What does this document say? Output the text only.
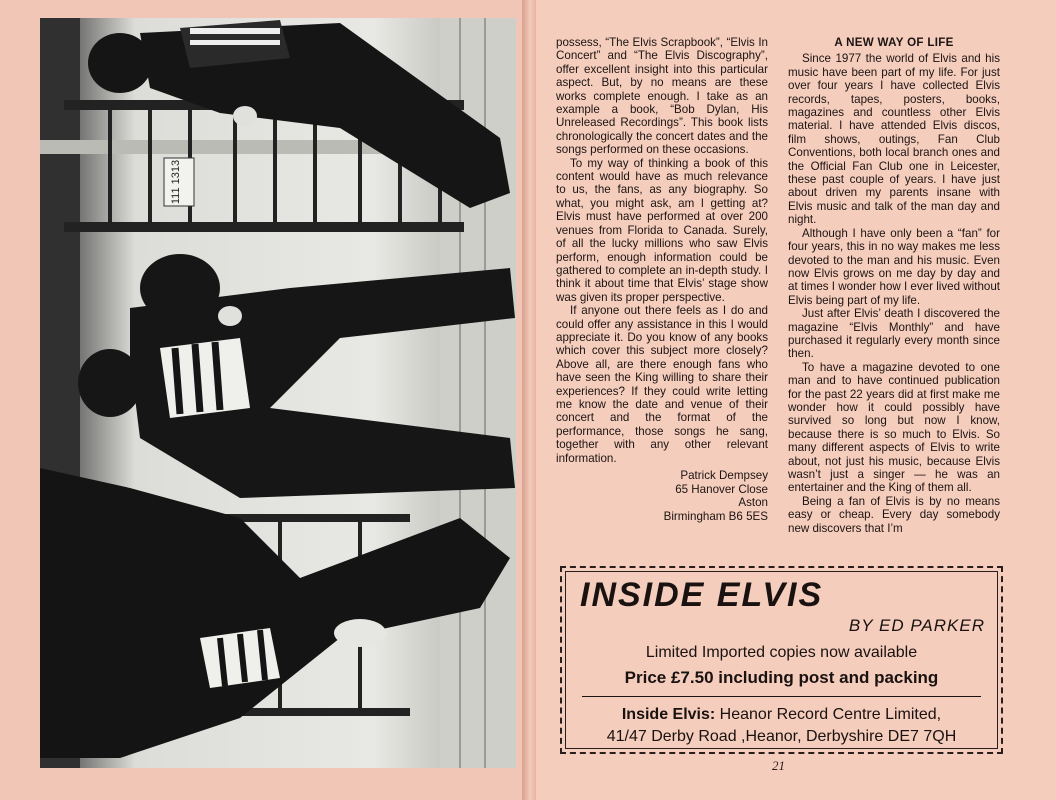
111 1313

possess, “The Elvis Scrapbook”, “Elvis In Concert” and “The Elvis Discography”, offer excellent insight into this particular aspect. But, by no means are these works complete enough. I take as an example a book, “Bob Dylan, His Unreleased Recordings”. This book lists chronologically the concert dates and the songs performed on these occasions.

To my way of thinking a book of this content would have as much relevance to us, the fans, as any biography. So what, you might ask, am I getting at? Elvis must have performed at over 200 venues from Florida to Canada. Surely, of all the lucky millions who saw Elvis perform, enough information could be gathered to complete an in-depth study. I think it about time that Elvis’ stage show was given its proper perspective.

If anyone out there feels as I do and could offer any assistance in this I would appreciate it. Do you know of any books which cover this subject more closely? Above all, are there enough fans who have seen the King willing to share their experiences? If they could write letting me know the date and venue of their concert and the format of the performance, those songs he sang, together with any other relevant information.

Patrick Dempsey
65 Hanover Close
Aston
Birmingham B6 5ES
A NEW WAY OF LIFE

Since 1977 the world of Elvis and his music have been part of my life. For just over four years I have collected Elvis records, tapes, posters, books, magazines and countless other Elvis material. I have attended Elvis discos, film shows, outings, Fan Club Conventions, both local branch ones and the Official Fan Club one in Leicester, these past couple of years. I have just about driven my parents insane with Elvis music and talk of the man day and night.

Although I have only been a “fan” for four years, this in no way makes me less devoted to the man and his music. Even now Elvis grows on me day by day and at times I wonder how I ever lived without Elvis being part of my life.

Just after Elvis’ death I discovered the magazine “Elvis Monthly” and have purchased it regularly every month since then.

To have a magazine devoted to one man and to have continued publication for the past 22 years did at first make me wonder how it could possibly have survived so long but now I know, because there is so much to Elvis. So many different aspects of Elvis to write about, not just his music, because Elvis wasn’t just a singer — he was an entertainer and the King of them all.

Being a fan of Elvis is by no means easy or cheap. Every day somebody new discovers that I’m

INSIDE ELVIS
BY ED PARKER
Limited Imported copies now available
Price £7.50 including post and packing
Inside Elvis: Heanor Record Centre Limited,
41/47 Derby Road ,Heanor, Derbyshire DE7 7QH
21
